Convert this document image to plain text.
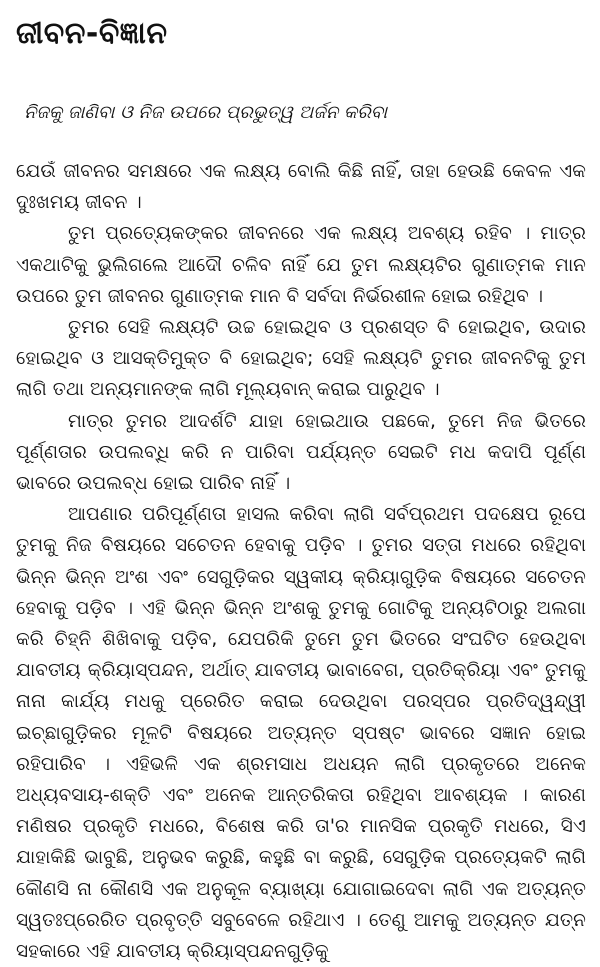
ଜୀବନ-ବିଜ୍ଞାନ
ନିଜକୁ ଜାଣିବା ଓ ନିଜ ଉପରେ ପ୍ରଭୁତ୍ୱ ଅର୍ଜନ କରିବା

ଯେଉଁ ଜୀବନର ସମକ୍ଷରେ ଏକ ଲକ୍ଷ୍ୟ ବୋଲି କିଛି ନାହିଁ, ତାହା ହେଉଛି କେବଳ ଏକ ଦୁଃଖମୟ ଜୀବନ ।

ତୁମ ପ୍ରତ୍ୟେକଙ୍କର ଜୀବନରେ ଏକ ଲକ୍ଷ୍ୟ ଅବଶ୍ୟ ରହିବ । ମାତ୍ର ଏକଥାଟିକୁ ଭୁଲିଗଲେ ଆଦୌ ଚଳିବ ନାହିଁ ଯେ ତୁମ ଲକ୍ଷ୍ୟଟିର ଗୁଣାତ୍ମକ ମାନ ଉପରେ ତୁମ ଜୀବନର ଗୁଣାତ୍ମକ ମାନ ବି ସର୍ବଦା ନିର୍ଭରଶୀଳ ହୋଇ ରହିଥିବ ।

ତୁମର ସେହି ଲକ୍ଷ୍ୟଟି ଉଚ୍ଚ ହୋଇଥିବ ଓ ପ୍ରଶସ୍ତ ବି ହୋଇଥିବ, ଉଦାର ହୋଇଥିବ ଓ ଆସକ୍ତିମୁକ୍ତ ବି ହୋଇଥିବ; ସେହି ଲକ୍ଷ୍ୟଟି ତୁମର ଜୀବନଟିକୁ ତୁମ ଲାଗି ତଥା ଅନ୍ୟମାନଙ୍କ ଲାଗି ମୂଲ୍ୟବାନ୍ କରାଇ ପାରୁଥିବ ।

ମାତ୍ର ତୁମର ଆଦର୍ଶଟି ଯାହା ହୋଇଥାଉ ପଛକେ, ତୁମେ ନିଜ ଭିତରେ ପୂର୍ଣ୍ଣତାର ଉପଲବ୍ଧି କରି ନ ପାରିବା ପର୍ଯ୍ୟନ୍ତ ସେଇଟି ମଧ କଦାପି ପୂର୍ଣ୍ଣ ଭାବରେ ଉପଲବ୍ଧ ହୋଇ ପାରିବ ନାହିଁ ।

ଆପଣାର ପରିପୂର୍ଣ୍ଣତା ହାସଲ କରିବା ଲାଗି ସର୍ବପ୍ରଥମ ପଦକ୍ଷେପ ରୂପେ ତୁମକୁ ନିଜ ବିଷୟରେ ସଚେତନ ହେବାକୁ ପଡ଼ିବ । ତୁମର ସତ୍ତା ମଧରେ ରହିଥିବା ଭିନ୍ନ ଭିନ୍ନ ଅଂଶ ଏବଂ ସେଗୁଡ଼ିକର ସ୍ୱକୀୟ କ୍ରିୟାଗୁଡ଼ିକ ବିଷୟରେ ସଚେତନ ହେବାକୁ ପଡ଼ିବ । ଏହି ଭିନ୍ନ ଭିନ୍ନ ଅଂଶକୁ ତୁମକୁ ଗୋଟିକୁ ଅନ୍ୟଟିଠାରୁ ଅଲଗା କରି ଚିହ୍ନି ଶିଖିବାକୁ ପଡ଼ିବ, ଯେପରିକି ତୁମେ ତୁମ ଭିତରେ ସଂଘଟିତ ହେଉଥିବା ଯାବତୀୟ କ୍ରିୟାସ୍ପନ୍ଦନ, ଅର୍ଥାତ୍ ଯାବତୀୟ ଭାବାବେଗ, ପ୍ରତିକ୍ରିୟା ଏବଂ ତୁମକୁ ନାନା କାର୍ଯ୍ୟ ମଧକୁ ପ୍ରେରିତ କରାଇ ଦେଉଥିବା ପରସ୍ପର ପ୍ରତିଦ୍ୱନ୍ଦ୍ୱୀ ଇଚ୍ଛାଗୁଡ଼ିକର ମୂଳଟି ବିଷୟରେ ଅତ୍ୟନ୍ତ ସ୍ପଷ୍ଟ ଭାବରେ ସଜ୍ଞାନ ହୋଇ ରହିପାରିବ । ଏହିଭଳି ଏକ ଶ୍ରମସାଧ ଅଧୟନ ଲାଗି ପ୍ରକୃତରେ ଅନେକ ଅଧ୍ୟବସାୟ-ଶକ୍ତି ଏବଂ ଅନେକ ଆନ୍ତରିକତା ରହିଥିବା ଆବଶ୍ୟକ । କାରଣ ମଣିଷର ପ୍ରକୃତି ମଧରେ, ବିଶେଷ କରି ତା'ର ମାନସିକ ପ୍ରକୃତି ମଧରେ, ସିଏ ଯାହାକିଛି ଭାବୁଛି, ଅନୁଭବ କରୁଛି, କହୁଛି ବା କରୁଛି, ସେଗୁଡ଼ିକ ପ୍ରତ୍ୟେକଟି ଲାଗି କୌଣସି ନା କୌଣସି ଏକ ଅନୁକୂଳ ବ୍ୟାଖ୍ୟା ଯୋଗାଇଦେବା ଲାଗି ଏକ ଅତ୍ୟନ୍ତ ସ୍ୱତଃପ୍ରେରିତ ପ୍ରବୃତ୍ତି ସବୁବେଳେ ରହିଥାଏ । ତେଣୁ ଆମକୁ ଅତ୍ୟନ୍ତ ଯତ୍ନ ସହକାରେ ଏହି ଯାବତୀୟ କ୍ରିୟାସ୍ପନ୍ଦନଗୁଡ଼ିକୁ
